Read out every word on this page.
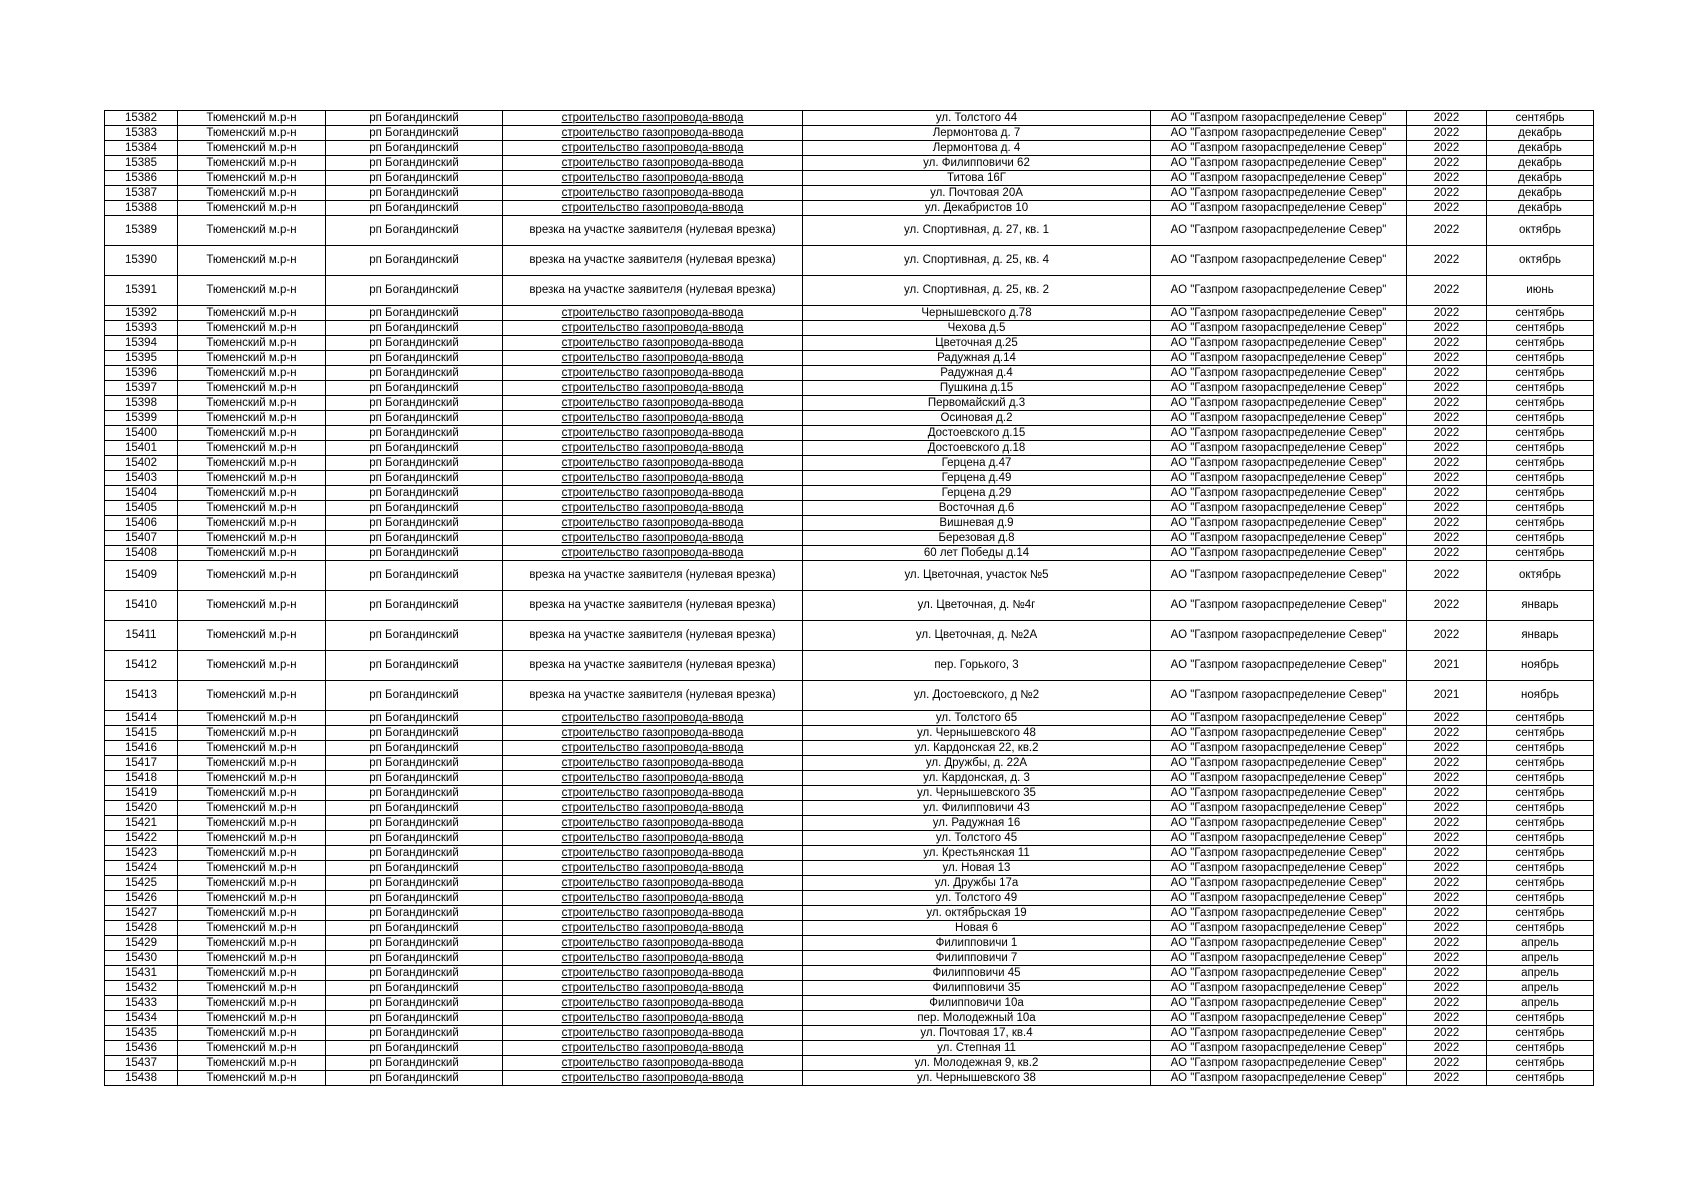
15382	Тюменский м.р-н	рп Богандинский	строительство газопровода-ввода	ул. Толстого 44	АО "Газпром газораспределение Север"	2022	сентябрь
15383	Тюменский м.р-н	рп Богандинский	строительство газопровода-ввода	Лермонтова д. 7	АО "Газпром газораспределение Север"	2022	декабрь
15384	Тюменский м.р-н	рп Богандинский	строительство газопровода-ввода	Лермонтова д. 4	АО "Газпром газораспределение Север"	2022	декабрь
15385	Тюменский м.р-н	рп Богандинский	строительство газопровода-ввода	ул. Филипповичи 62	АО "Газпром газораспределение Север"	2022	декабрь
15386	Тюменский м.р-н	рп Богандинский	строительство газопровода-ввода	Титова 16Г	АО "Газпром газораспределение Север"	2022	декабрь
15387	Тюменский м.р-н	рп Богандинский	строительство газопровода-ввода	ул. Почтовая 20А	АО "Газпром газораспределение Север"	2022	декабрь
15388	Тюменский м.р-н	рп Богандинский	строительство газопровода-ввода	ул. Декабристов 10	АО "Газпром газораспределение Север"	2022	декабрь
15389	Тюменский м.р-н	рп Богандинский	врезка на участке заявителя (нулевая врезка)	ул. Спортивная, д. 27, кв. 1	АО "Газпром газораспределение Север"	2022	октябрь
15390	Тюменский м.р-н	рп Богандинский	врезка на участке заявителя (нулевая врезка)	ул. Спортивная, д. 25, кв. 4	АО "Газпром газораспределение Север"	2022	октябрь
15391	Тюменский м.р-н	рп Богандинский	врезка на участке заявителя (нулевая врезка)	ул. Спортивная, д. 25, кв. 2	АО "Газпром газораспределение Север"	2022	июнь
15392	Тюменский м.р-н	рп Богандинский	строительство газопровода-ввода	Чернышевского д.78	АО "Газпром газораспределение Север"	2022	сентябрь
15393	Тюменский м.р-н	рп Богандинский	строительство газопровода-ввода	Чехова д.5	АО "Газпром газораспределение Север"	2022	сентябрь
15394	Тюменский м.р-н	рп Богандинский	строительство газопровода-ввода	Цветочная д.25	АО "Газпром газораспределение Север"	2022	сентябрь
15395	Тюменский м.р-н	рп Богандинский	строительство газопровода-ввода	Радужная д.14	АО "Газпром газораспределение Север"	2022	сентябрь
15396	Тюменский м.р-н	рп Богандинский	строительство газопровода-ввода	Радужная д.4	АО "Газпром газораспределение Север"	2022	сентябрь
15397	Тюменский м.р-н	рп Богандинский	строительство газопровода-ввода	Пушкина д.15	АО "Газпром газораспределение Север"	2022	сентябрь
15398	Тюменский м.р-н	рп Богандинский	строительство газопровода-ввода	Первомайский д.3	АО "Газпром газораспределение Север"	2022	сентябрь
15399	Тюменский м.р-н	рп Богандинский	строительство газопровода-ввода	Осиновая д.2	АО "Газпром газораспределение Север"	2022	сентябрь
15400	Тюменский м.р-н	рп Богандинский	строительство газопровода-ввода	Достоевского д.15	АО "Газпром газораспределение Север"	2022	сентябрь
15401	Тюменский м.р-н	рп Богандинский	строительство газопровода-ввода	Достоевского д.18	АО "Газпром газораспределение Север"	2022	сентябрь
15402	Тюменский м.р-н	рп Богандинский	строительство газопровода-ввода	Герцена д.47	АО "Газпром газораспределение Север"	2022	сентябрь
15403	Тюменский м.р-н	рп Богандинский	строительство газопровода-ввода	Герцена д.49	АО "Газпром газораспределение Север"	2022	сентябрь
15404	Тюменский м.р-н	рп Богандинский	строительство газопровода-ввода	Герцена д.29	АО "Газпром газораспределение Север"	2022	сентябрь
15405	Тюменский м.р-н	рп Богандинский	строительство газопровода-ввода	Восточная д.6	АО "Газпром газораспределение Север"	2022	сентябрь
15406	Тюменский м.р-н	рп Богандинский	строительство газопровода-ввода	Вишневая д.9	АО "Газпром газораспределение Север"	2022	сентябрь
15407	Тюменский м.р-н	рп Богандинский	строительство газопровода-ввода	Березовая д.8	АО "Газпром газораспределение Север"	2022	сентябрь
15408	Тюменский м.р-н	рп Богандинский	строительство газопровода-ввода	60 лет Победы д.14	АО "Газпром газораспределение Север"	2022	сентябрь
15409	Тюменский м.р-н	рп Богандинский	врезка на участке заявителя (нулевая врезка)	ул. Цветочная, участок №5	АО "Газпром газораспределение Север"	2022	октябрь
15410	Тюменский м.р-н	рп Богандинский	врезка на участке заявителя (нулевая врезка)	ул. Цветочная, д. №4г	АО "Газпром газораспределение Север"	2022	январь
15411	Тюменский м.р-н	рп Богандинский	врезка на участке заявителя (нулевая врезка)	ул. Цветочная, д. №2А	АО "Газпром газораспределение Север"	2022	январь
15412	Тюменский м.р-н	рп Богандинский	врезка на участке заявителя (нулевая врезка)	пер. Горького, 3	АО "Газпром газораспределение Север"	2021	ноябрь
15413	Тюменский м.р-н	рп Богандинский	врезка на участке заявителя (нулевая врезка)	ул. Достоевского, д №2	АО "Газпром газораспределение Север"	2021	ноябрь
15414	Тюменский м.р-н	рп Богандинский	строительство газопровода-ввода	ул. Толстого 65	АО "Газпром газораспределение Север"	2022	сентябрь
15415	Тюменский м.р-н	рп Богандинский	строительство газопровода-ввода	ул. Чернышевского 48	АО "Газпром газораспределение Север"	2022	сентябрь
15416	Тюменский м.р-н	рп Богандинский	строительство газопровода-ввода	ул. Кардонская 22, кв.2	АО "Газпром газораспределение Север"	2022	сентябрь
15417	Тюменский м.р-н	рп Богандинский	строительство газопровода-ввода	ул. Дружбы, д. 22А	АО "Газпром газораспределение Север"	2022	сентябрь
15418	Тюменский м.р-н	рп Богандинский	строительство газопровода-ввода	ул. Кардонская, д. 3	АО "Газпром газораспределение Север"	2022	сентябрь
15419	Тюменский м.р-н	рп Богандинский	строительство газопровода-ввода	ул. Чернышевского 35	АО "Газпром газораспределение Север"	2022	сентябрь
15420	Тюменский м.р-н	рп Богандинский	строительство газопровода-ввода	ул. Филипповичи 43	АО "Газпром газораспределение Север"	2022	сентябрь
15421	Тюменский м.р-н	рп Богандинский	строительство газопровода-ввода	ул. Радужная 16	АО "Газпром газораспределение Север"	2022	сентябрь
15422	Тюменский м.р-н	рп Богандинский	строительство газопровода-ввода	ул. Толстого 45	АО "Газпром газораспределение Север"	2022	сентябрь
15423	Тюменский м.р-н	рп Богандинский	строительство газопровода-ввода	ул. Крестьянская 11	АО "Газпром газораспределение Север"	2022	сентябрь
15424	Тюменский м.р-н	рп Богандинский	строительство газопровода-ввода	ул. Новая 13	АО "Газпром газораспределение Север"	2022	сентябрь
15425	Тюменский м.р-н	рп Богандинский	строительство газопровода-ввода	ул. Дружбы 17а	АО "Газпром газораспределение Север"	2022	сентябрь
15426	Тюменский м.р-н	рп Богандинский	строительство газопровода-ввода	ул. Толстого 49	АО "Газпром газораспределение Север"	2022	сентябрь
15427	Тюменский м.р-н	рп Богандинский	строительство газопровода-ввода	ул. октябрьская 19	АО "Газпром газораспределение Север"	2022	сентябрь
15428	Тюменский м.р-н	рп Богандинский	строительство газопровода-ввода	Новая 6	АО "Газпром газораспределение Север"	2022	сентябрь
15429	Тюменский м.р-н	рп Богандинский	строительство газопровода-ввода	Филипповичи 1	АО "Газпром газораспределение Север"	2022	апрель
15430	Тюменский м.р-н	рп Богандинский	строительство газопровода-ввода	Филипповичи 7	АО "Газпром газораспределение Север"	2022	апрель
15431	Тюменский м.р-н	рп Богандинский	строительство газопровода-ввода	Филипповичи 45	АО "Газпром газораспределение Север"	2022	апрель
15432	Тюменский м.р-н	рп Богандинский	строительство газопровода-ввода	Филипповичи 35	АО "Газпром газораспределение Север"	2022	апрель
15433	Тюменский м.р-н	рп Богандинский	строительство газопровода-ввода	Филипповичи 10а	АО "Газпром газораспределение Север"	2022	апрель
15434	Тюменский м.р-н	рп Богандинский	строительство газопровода-ввода	пер. Молодежный 10а	АО "Газпром газораспределение Север"	2022	сентябрь
15435	Тюменский м.р-н	рп Богандинский	строительство газопровода-ввода	ул. Почтовая 17, кв.4	АО "Газпром газораспределение Север"	2022	сентябрь
15436	Тюменский м.р-н	рп Богандинский	строительство газопровода-ввода	ул. Степная 11	АО "Газпром газораспределение Север"	2022	сентябрь
15437	Тюменский м.р-н	рп Богандинский	строительство газопровода-ввода	ул. Молодежная 9, кв.2	АО "Газпром газораспределение Север"	2022	сентябрь
15438	Тюменский м.р-н	рп Богандинский	строительство газопровода-ввода	ул. Чернышевского 38	АО "Газпром газораспределение Север"	2022	сентябрь
